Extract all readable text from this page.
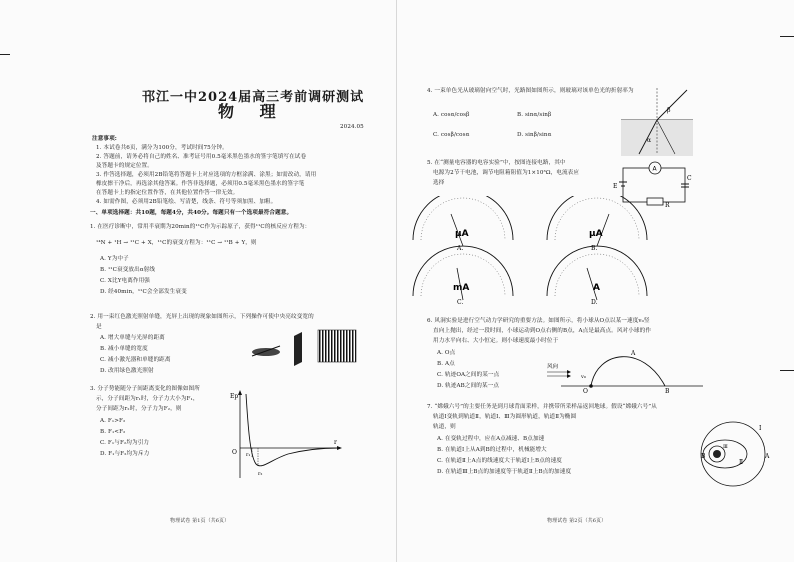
邗江一中2024届高三考前调研测试
物 理
2024.05
注意事项:
1. 本试卷共6页，满分为100分，考试时间75分钟。
2. 答题前，请务必将自己的姓名、准考证号用0.5毫米黑色墨水的签字笔填写在试卷
及答题卡的规定位置。
3. 作答选择题，必须用2B铅笔将答题卡上对应选项的方框涂满、涂黑；如需改动，请用
橡皮擦干净后，再选涂其他答案。作答非选择题，必须用0.5毫米黑色墨水的签字笔
在答题卡上的指定位置作答，在其他位置作答一律无效。
4. 如需作图，必须用2B铅笔绘、写清楚，线条、符号等须加黑、加粗。
一、单项选择题：共10题，每题4分，共40分。每题只有一个选项最符合题意。
1. 在医疗诊断中，常用半衰期为20min的¹¹C作为示踪原子，获得¹¹C的核反应方程为：
¹⁴N + ¹H → ¹¹C + X，¹¹C的衰变方程为：¹¹C → ¹¹B + Y，则
A. Y为中子
B. ¹¹C衰变放出α射线
C. X比Y电离作用强
D. 经40min，¹¹C会全部发生衰变
2. 用一束红色激光照射单缝，光屏上出现的现象如图所示，下列操作可使中央亮纹变宽的
是
A. 增大单缝与光屏的距离
B. 减小单缝的宽度
C. 减小激光器和单缝的距离
D. 改用绿色激光照射
3. 分子势能随分子间距离变化的图像如图所
示，分子间距为r₁时，分子力大小为F₁，
分子间距为r₂时，分子力为F₂，则
A. F₁>F₂
B. F₁<F₂
C. F₁与F₂均为引力
D. F₁与F₂均为斥力
Ep
r
O r₁
r₂
物理试卷 第1页（共6页）
4. 一束单色光从玻璃射向空气时，光路图如图所示，则玻璃对该单色光的折射率为
A. cosα/cosβ	B. sinα/sinβ
C. cosβ/cosα	D. sinβ/sinα
α
β
5. 在“测量电容器的电容实验”中，按图连接电路，其中
电源为2节干电池，调节电阻箱阻值为1×10³Ω，电流表应
选择
A
E
C
R
μA
A.
μA
B.
mA
C.
A
D.
6. 风洞实验是进行空气动力学研究的重要方法。如图所示，将小球从O点以某一速度v₀竖
直向上抛出，经过一段时间，小球运动到O点右侧的B点，A点是最高点。风对小球的作
用力水平向右、大小恒定。则小球速度最小时位于
A. O点
B. A点
C. 轨迹OA之间的某一点
D. 轨迹AB之间的某一点
风向
O
A
B
v₀
7. “嫦娥六号”的主要任务是到月球背面采样，并携带所采样品返回地球。假设“嫦娥六号”从
轨道Ⅰ变轨到轨道Ⅱ，轨道Ⅰ、Ⅲ为圆形轨道，轨道Ⅱ为椭圆
轨道，则
A. 在变轨过程中，应在A点减速、B点加速
B. 在轨道Ⅰ上从A到B的过程中，机械能增大
C. 在轨道Ⅱ上A点的线速度大于轨道Ⅰ上B点的速度
D. 在轨道Ⅲ上B点的加速度等于轨道Ⅱ上B点的加速度
Ⅰ
Ⅱ
Ⅲ
A
B
物理试卷 第2页（共6页）
